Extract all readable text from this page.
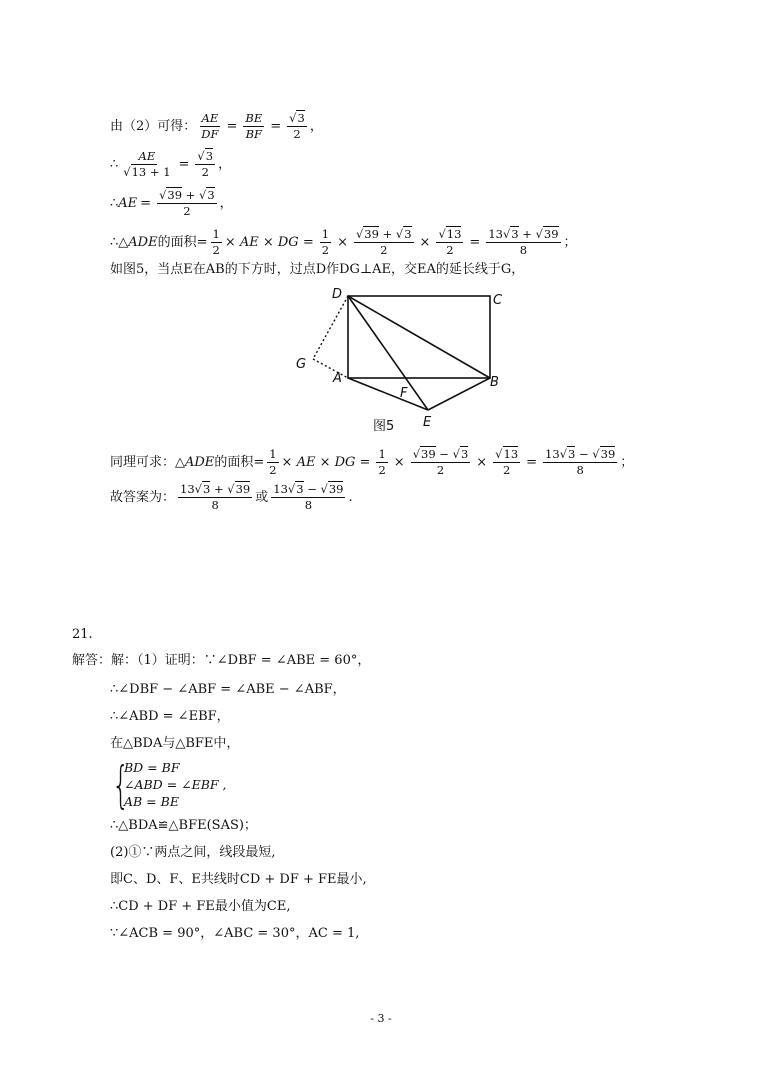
由（2）可得： $\frac{AE}{DF} = \frac{BE}{BF}$ = √ $\frac{3}{2}$ ，
∴ AE
√ 13 + 1 = √ $\frac{3}{2}$ ，
∴ AE = √ $\frac{39 + √ 3}{2}$ ，
∴△ ADE 的面积= $\frac{1}{2}$ × AE × DG = $\frac{1}{2}$ × √ $\frac{39 + √ 3}{2}$ × √ $\frac{13}{2} = \frac{13 √ 3 + √ 39}{8}$ ；
如图5，当点E在AB的下方时，过点D作DG⊥AE，交EA的延长线于G，
D	C
G
A
F
B
E
图5
同理可求：△ ADE 的面积= $\frac{1}{2}$ × AE × DG = $\frac{1}{2}$ × √ $\frac{39 - √ 3}{2}$ × √ $\frac{13}{2} = \frac{13 √ 3 - √ 39}{8}$ ；
故答案为： $\frac{13 √ 3 + √ 39}{8}$ 或 $\frac{13 √ 3 - √ 39}{8}$ .
21.
解答：解：（1）证明：∵∠DBF = ∠ABE = 60°，
∴∠DBF − ∠ABF = ∠ABE − ∠ABF，
∴∠ABD = ∠EBF，
在△BDA与△BFE中，
{
BD = BF
∠ABD = ∠EBF ,
AB = BE
∴△BDA≌△BFE(SAS)；
(2)①∵两点之间，线段最短,
即C、D、F、E共线时CD + DF + FE最小,
∴CD + DF + FE最小值为CE,
∵∠ACB = 90°，∠ABC = 30°，AC = 1,
- 3 -
